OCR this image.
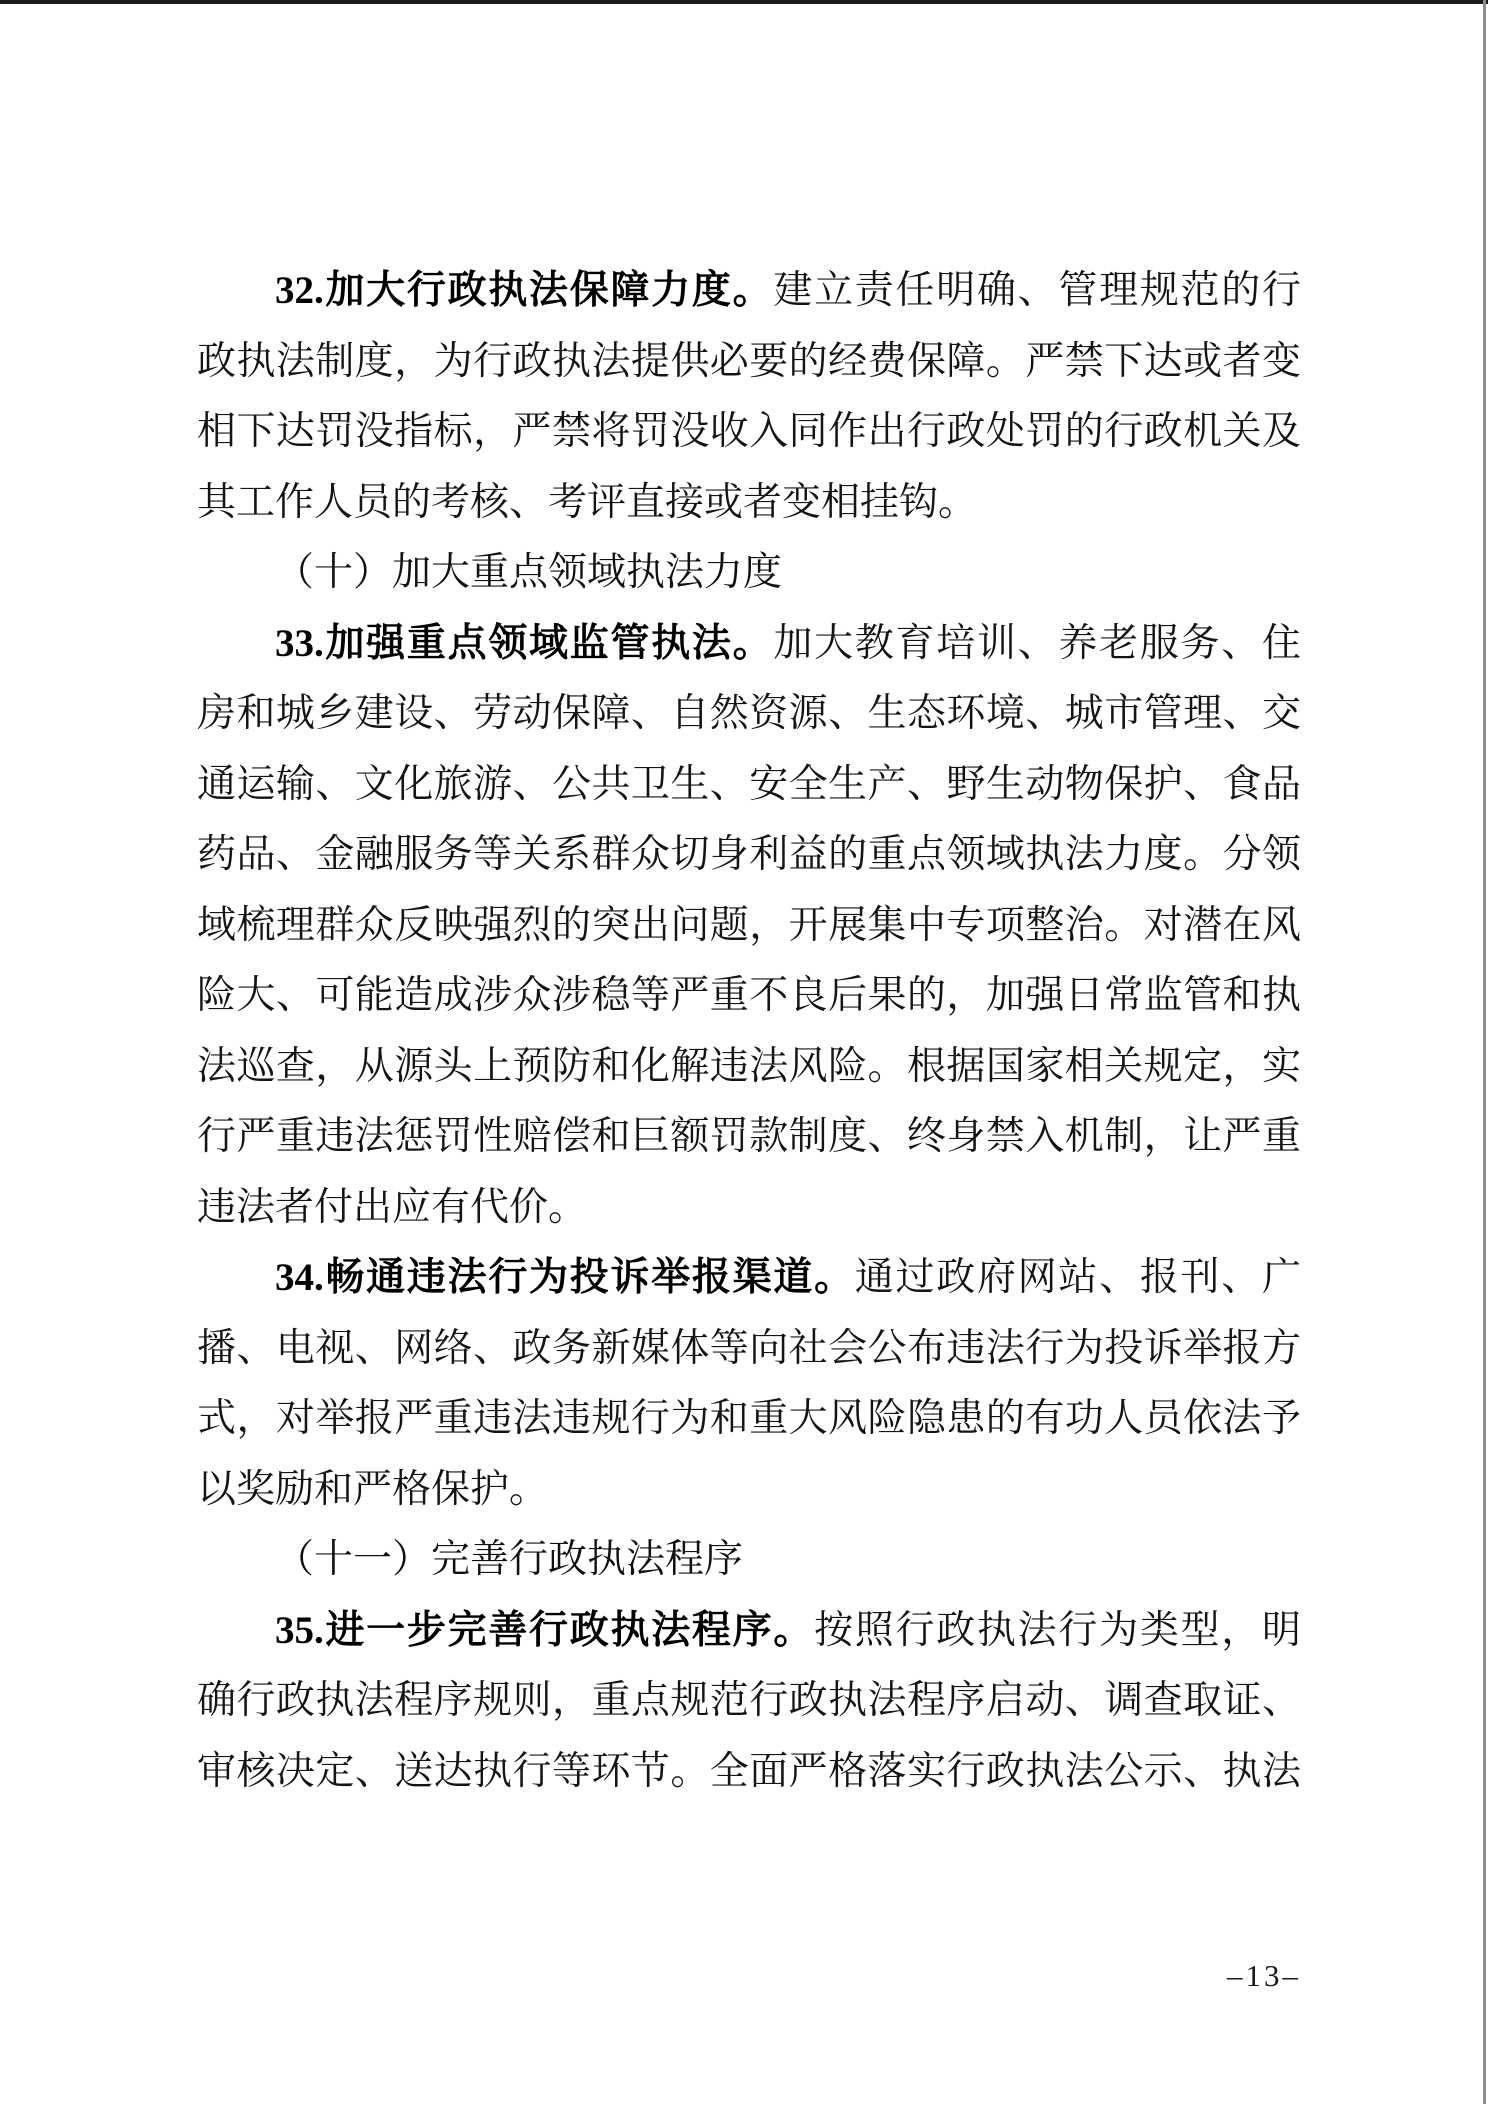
32.加大行政执法保障力度。建立责任明确、管理规范的行
政执法制度，为行政执法提供必要的经费保障。严禁下达或者变
相下达罚没指标，严禁将罚没收入同作出行政处罚的行政机关及
其工作人员的考核、考评直接或者变相挂钩。
（十）加大重点领域执法力度
33.加强重点领域监管执法。加大教育培训、养老服务、住
房和城乡建设、劳动保障、自然资源、生态环境、城市管理、交
通运输、文化旅游、公共卫生、安全生产、野生动物保护、食品
药品、金融服务等关系群众切身利益的重点领域执法力度。分领
域梳理群众反映强烈的突出问题，开展集中专项整治。对潜在风
险大、可能造成涉众涉稳等严重不良后果的，加强日常监管和执
法巡查，从源头上预防和化解违法风险。根据国家相关规定，实
行严重违法惩罚性赔偿和巨额罚款制度、终身禁入机制，让严重
违法者付出应有代价。
34.畅通违法行为投诉举报渠道。通过政府网站、报刊、广
播、电视、网络、政务新媒体等向社会公布违法行为投诉举报方
式，对举报严重违法违规行为和重大风险隐患的有功人员依法予
以奖励和严格保护。
（十一）完善行政执法程序
35.进一步完善行政执法程序。按照行政执法行为类型，明
确行政执法程序规则，重点规范行政执法程序启动、调查取证、
审核决定、送达执行等环节。全面严格落实行政执法公示、执法
–13–
